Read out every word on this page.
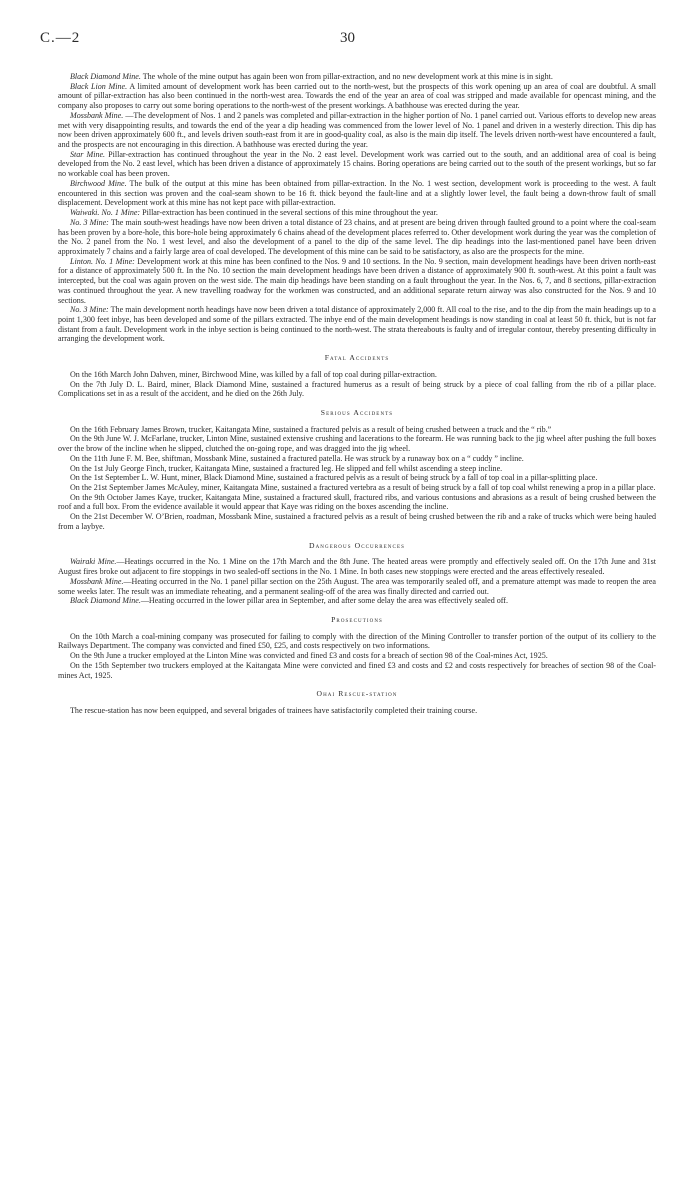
C.—2	30

Black Diamond Mine. The whole of the mine output has again been won from pillar-extraction, and no new development work at this mine is in sight.

Black Lion Mine. A limited amount of development work has been carried out to the north-west, but the prospects of this work opening up an area of coal are doubtful. A small amount of pillar-extraction has also been continued in the north-west area. Towards the end of the year an area of coal was stripped and made available for opencast mining, and the company also proposes to carry out some boring operations to the north-west of the present workings. A bathhouse was erected during the year.

Mossbank Mine. —The development of Nos. 1 and 2 panels was completed and pillar-extraction in the higher portion of No. 1 panel carried out. Various efforts to develop new areas met with very disappointing results, and towards the end of the year a dip heading was commenced from the lower level of No. 1 panel and driven in a westerly direction. This dip has now been driven approximately 600 ft., and levels driven south-east from it are in good-quality coal, as also is the main dip itself. The levels driven north-west have encountered a fault, and the prospects are not encouraging in this direction. A bathhouse was erected during the year.

Star Mine. Pillar-extraction has continued throughout the year in the No. 2 east level. Development work was carried out to the south, and an additional area of coal is being developed from the No. 2 east level, which has been driven a distance of approximately 15 chains. Boring operations are being carried out to the south of the present workings, but so far no workable coal has been proven.

Birchwood Mine. The bulk of the output at this mine has been obtained from pillar-extraction. In the No. 1 west section, development work is proceeding to the west. A fault encountered in this section was proven and the coal-seam shown to be 16 ft. thick beyond the fault-line and at a slightly lower level, the fault being a down-throw fault of small displacement. Development work at this mine has not kept pace with pillar-extraction.

Waiwaki. No. 1 Mine: Pillar-extraction has been continued in the several sections of this mine throughout the year.

No. 3 Mine: The main south-west headings have now been driven a total distance of 23 chains, and at present are being driven through faulted ground to a point where the coal-seam has been proven by a bore-hole, this bore-hole being approximately 6 chains ahead of the development places referred to. Other development work during the year was the completion of the No. 2 panel from the No. 1 west level, and also the development of a panel to the dip of the same level. The dip headings into the last-mentioned panel have been driven approximately 7 chains and a fairly large area of coal developed. The development of this mine can be said to be satisfactory, as also are the prospects for the mine.

Linton. No. 1 Mine: Development work at this mine has been confined to the Nos. 9 and 10 sections. In the No. 9 section, main development headings have been driven north-east for a distance of approximately 500 ft. In the No. 10 section the main development headings have been driven a distance of approximately 900 ft. south-west. At this point a fault was intercepted, but the coal was again proven on the west side. The main dip headings have been standing on a fault throughout the year. In the Nos. 6, 7, and 8 sections, pillar-extraction was continued throughout the year. A new travelling roadway for the workmen was constructed, and an additional separate return airway was also constructed for the Nos. 9 and 10 sections.

No. 3 Mine: The main development north headings have now been driven a total distance of approximately 2,000 ft. All coal to the rise, and to the dip from the main headings up to a point 1,300 feet inbye, has been developed and some of the pillars extracted. The inbye end of the main development headings is now standing in coal at least 50 ft. thick, but is not far distant from a fault. Development work in the inbye section is being continued to the north-west. The strata thereabouts is faulty and of irregular contour, thereby presenting difficulty in arranging the development work.

Fatal Accidents

On the 16th March John Dahven, miner, Birchwood Mine, was killed by a fall of top coal during pillar-extraction.

On the 7th July D. L. Baird, miner, Black Diamond Mine, sustained a fractured humerus as a result of being struck by a piece of coal falling from the rib of a pillar place. Complications set in as a result of the accident, and he died on the 26th July.

Serious Accidents

On the 16th February James Brown, trucker, Kaitangata Mine, sustained a fractured pelvis as a result of being crushed between a truck and the “ rib.”

On the 9th June W. J. McFarlane, trucker, Linton Mine, sustained extensive crushing and lacerations to the forearm. He was running back to the jig wheel after pushing the full boxes over the brow of the incline when he slipped, clutched the on-going rope, and was dragged into the jig wheel.

On the 11th June F. M. Bee, shiftman, Mossbank Mine, sustained a fractured patella. He was struck by a runaway box on a “ cuddy ” incline.

On the 1st July George Finch, trucker, Kaitangata Mine, sustained a fractured leg. He slipped and fell whilst ascending a steep incline.

On the 1st September L. W. Hunt, miner, Black Diamond Mine, sustained a fractured pelvis as a result of being struck by a fall of top coal in a pillar-splitting place.

On the 21st September James McAuley, miner, Kaitangata Mine, sustained a fractured vertebra as a result of being struck by a fall of top coal whilst renewing a prop in a pillar place.

On the 9th October James Kaye, trucker, Kaitangata Mine, sustained a fractured skull, fractured ribs, and various contusions and abrasions as a result of being crushed between the roof and a full box. From the evidence available it would appear that Kaye was riding on the boxes ascending the incline.

On the 21st December W. O’Brien, roadman, Mossbank Mine, sustained a fractured pelvis as a result of being crushed between the rib and a rake of trucks which were being hauled from a laybye.

Dangerous Occurrences

Wairaki Mine.—Heatings occurred in the No. 1 Mine on the 17th March and the 8th June. The heated areas were promptly and effectively sealed off. On the 17th June and 31st August fires broke out adjacent to fire stoppings in two sealed-off sections in the No. 1 Mine. In both cases new stoppings were erected and the areas effectively resealed.

Mossbank Mine.—Heating occurred in the No. 1 panel pillar section on the 25th August. The area was temporarily sealed off, and a premature attempt was made to reopen the area some weeks later. The result was an immediate reheating, and a permanent sealing-off of the area was finally directed and carried out.

Black Diamond Mine.—Heating occurred in the lower pillar area in September, and after some delay the area was effectively sealed off.

Prosecutions

On the 10th March a coal-mining company was prosecuted for failing to comply with the direction of the Mining Controller to transfer portion of the output of its colliery to the Railways Department. The company was convicted and fined £50, £25, and costs respectively on two informations.

On the 9th June a trucker employed at the Linton Mine was convicted and fined £3 and costs for a breach of section 98 of the Coal-mines Act, 1925.

On the 15th September two truckers employed at the Kaitangata Mine were convicted and fined £3 and costs and £2 and costs respectively for breaches of section 98 of the Coal-mines Act, 1925.

Ohai Rescue-station

The rescue-station has now been equipped, and several brigades of trainees have satisfactorily completed their training course.
